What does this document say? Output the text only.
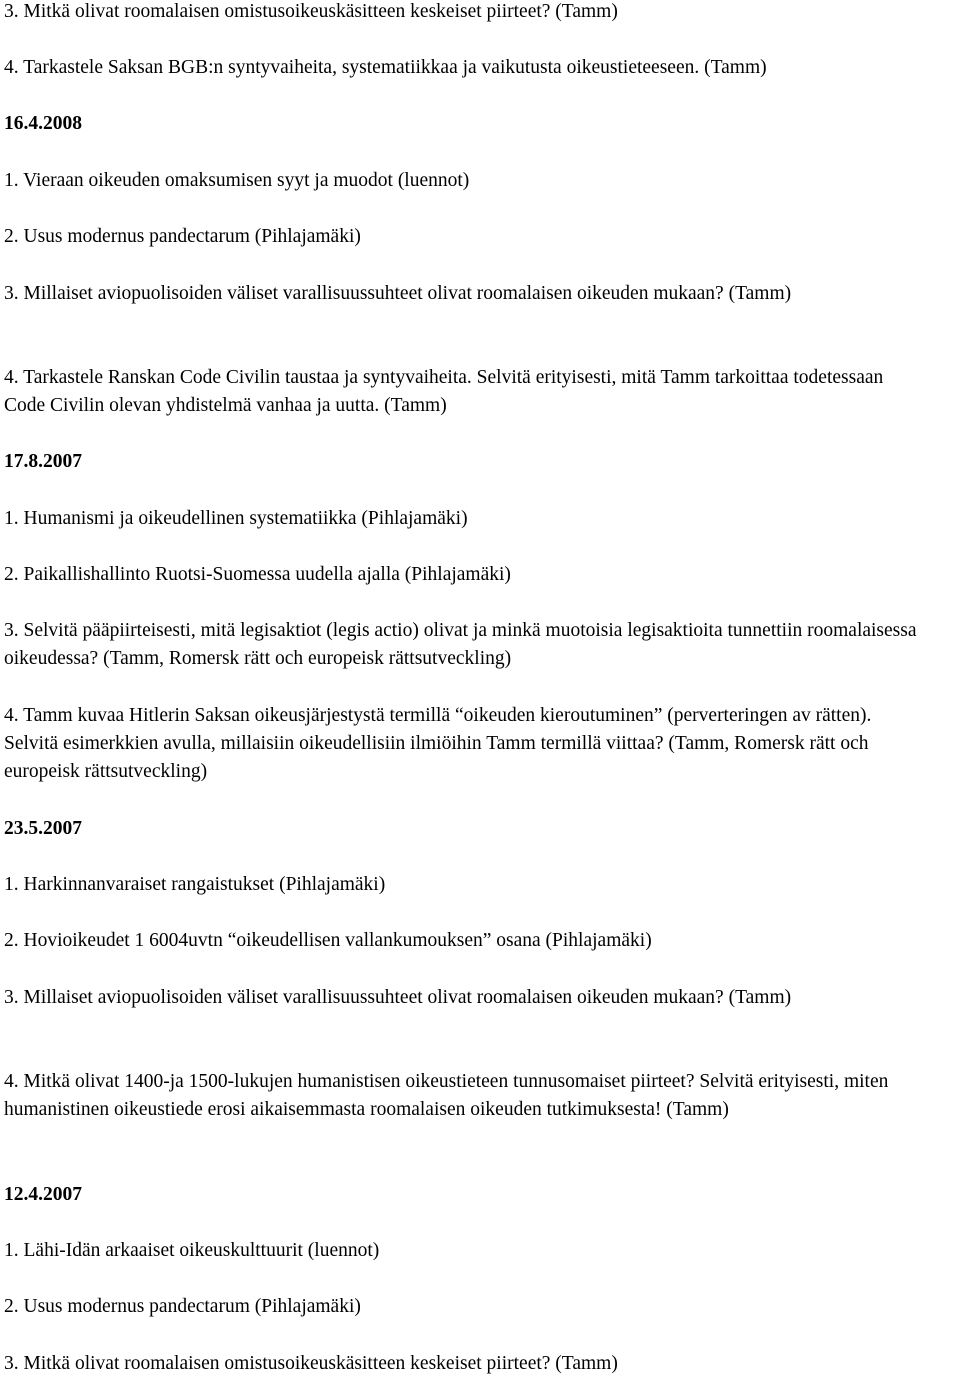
3. Mitkä olivat roomalaisen omistusoikeuskäsitteen keskeiset piirteet? (Tamm)

4. Tarkastele Saksan BGB:n syntyvaiheita, systematiikkaa ja vaikutusta oikeustieteeseen. (Tamm)

16.4.2008

1. Vieraan oikeuden omaksumisen syyt ja muodot (luennot)

2. Usus modernus pandectarum (Pihlajamäki)

3. Millaiset aviopuolisoiden väliset varallisuussuhteet olivat roomalaisen oikeuden mukaan? (Tamm)

4. Tarkastele Ranskan Code Civilin taustaa ja syntyvaiheita. Selvitä erityisesti, mitä Tamm tarkoittaa todetessaan Code Civilin olevan yhdistelmä vanhaa ja uutta. (Tamm)

17.8.2007

1. Humanismi ja oikeudellinen systematiikka (Pihlajamäki)

2. Paikallishallinto Ruotsi-Suomessa uudella ajalla (Pihlajamäki)

3. Selvitä pääpiirteisesti, mitä legisaktiot (legis actio) olivat ja minkä muotoisia legisaktioita tunnettiin roomalaisessa oikeudessa? (Tamm, Romersk rätt och europeisk rättsutveckling)

4. Tamm kuvaa Hitlerin Saksan oikeusjärjestystä termillä “oikeuden kieroutuminen” (perverteringen av rätten). Selvitä esimerkkien avulla, millaisiin oikeudellisiin ilmiöihin Tamm termillä viittaa? (Tamm, Romersk rätt och europeisk rättsutveckling)

23.5.2007

1. Harkinnanvaraiset rangaistukset (Pihlajamäki)

2. Hovioikeudet 1 6004uvtn “oikeudellisen vallankumouksen” osana (Pihlajamäki)

3. Millaiset aviopuolisoiden väliset varallisuussuhteet olivat roomalaisen oikeuden mukaan? (Tamm)

4. Mitkä olivat 1400-ja 1500-lukujen humanistisen oikeustieteen tunnusomaiset piirteet? Selvitä erityisesti, miten humanistinen oikeustiede erosi aikaisemmasta roomalaisen oikeuden tutkimuksesta! (Tamm)

12.4.2007

1. Lähi-Idän arkaaiset oikeuskulttuurit (luennot)

2. Usus modernus pandectarum (Pihlajamäki)

3. Mitkä olivat roomalaisen omistusoikeuskäsitteen keskeiset piirteet? (Tamm)
